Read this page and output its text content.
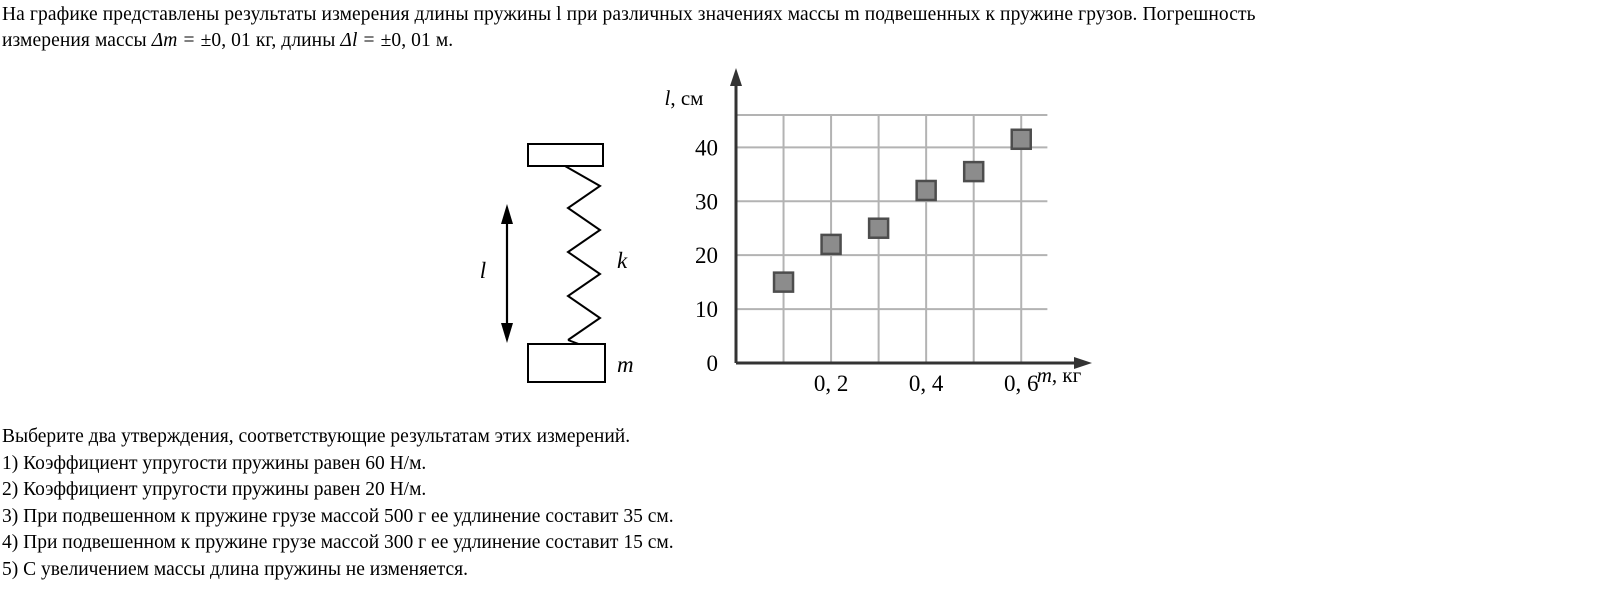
На графике представлены результаты измерения длины пружины l при различных значениях массы m подвешенных к пружине грузов. Погрешность
измерения массы Δm = ±0, 01 кг, длины Δl = ±0, 01 м.
l	k
m	0
10
20
30
40
0, 2	0, 4	0, 6
l, см
m, кг
Выберите два утверждения, соответствующие результатам этих измерений.
1) Коэффициент упругости пружины равен 60 Н/м.
2) Коэффициент упругости пружины равен 20 Н/м.
3) При подвешенном к пружине грузе массой 500 г ее удлинение составит 35 см.
4) При подвешенном к пружине грузе массой 300 г ее удлинение составит 15 см.
5) С увеличением массы длина пружины не изменяется.
